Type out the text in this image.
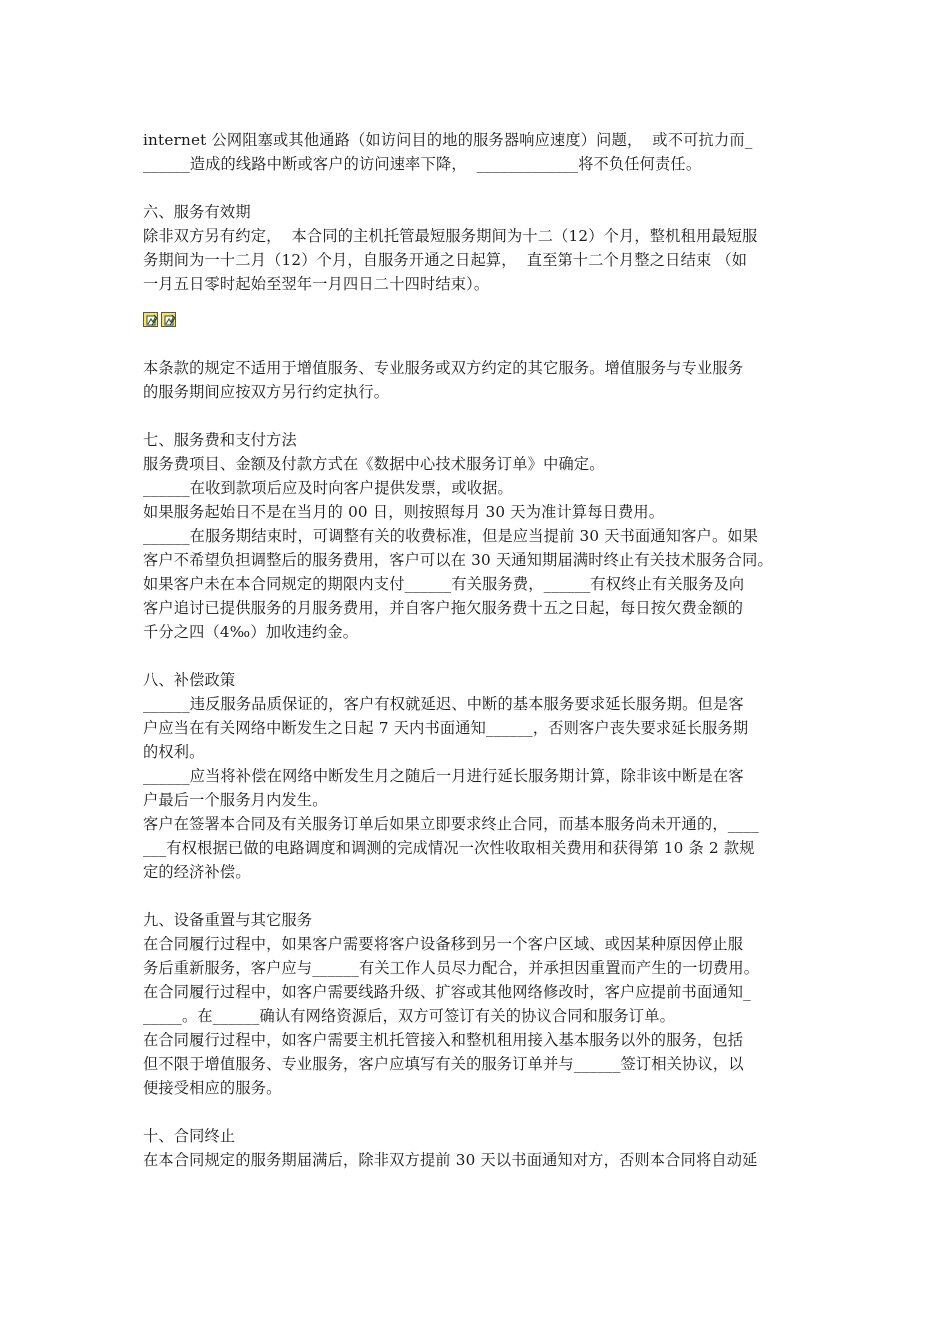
internet 公网阻塞或其他通路（如访问目的地的服务器响应速度）问题，  或不可抗力而_
______造成的线路中断或客户的访问速率下降，  _____________将不负任何责任。
六、服务有效期
除非双方另有约定，  本合同的主机托管最短服务期间为十二（12）个月，整机租用最短服
务期间为一十二月（12）个月，自服务开通之日起算，  直至第十二个月整之日结束 （如
一月五日零时起始至翌年一月四日二十四时结束）。
本条款的规定不适用于增值服务、专业服务或双方约定的其它服务。增值服务与专业服务
的服务期间应按双方另行约定执行。
七、服务费和支付方法
服务费项目、金额及付款方式在《数据中心技术服务订单》中确定。
______在收到款项后应及时向客户提供发票，或收据。
如果服务起始日不是在当月的 00 日，则按照每月 30 天为准计算每日费用。
______在服务期结束时，可调整有关的收费标准，但是应当提前 30 天书面通知客户。如果
客户不希望负担调整后的服务费用，客户可以在 30 天通知期届满时终止有关技术服务合同。
如果客户未在本合同规定的期限内支付______有关服务费，______有权终止有关服务及向
客户追讨已提供服务的月服务费用，并自客户拖欠服务费十五之日起，每日按欠费金额的
千分之四（4‰）加收违约金。
八、补偿政策
______违反服务品质保证的，客户有权就延迟、中断的基本服务要求延长服务期。但是客
户应当在有关网络中断发生之日起 7 天内书面通知______，否则客户丧失要求延长服务期
的权利。
______应当将补偿在网络中断发生月之随后一月进行延长服务期计算，除非该中断是在客
户最后一个服务月内发生。
客户在签署本合同及有关服务订单后如果立即要求终止合同，而基本服务尚未开通的，____
___有权根据已做的电路调度和调测的完成情况一次性收取相关费用和获得第 10 条 2 款规
定的经济补偿。
九、设备重置与其它服务
在合同履行过程中，如果客户需要将客户设备移到另一个客户区域、或因某种原因停止服
务后重新服务，客户应与______有关工作人员尽力配合，并承担因重置而产生的一切费用。
在合同履行过程中，如客户需要线路升级、扩容或其他网络修改时，客户应提前书面通知_
_____。在______确认有网络资源后，双方可签订有关的协议合同和服务订单。
在合同履行过程中，如客户需要主机托管接入和整机租用接入基本服务以外的服务，包括
但不限于增值服务、专业服务，客户应填写有关的服务订单并与______签订相关协议，以
便接受相应的服务。
十、合同终止
在本合同规定的服务期届满后，除非双方提前 30 天以书面通知对方，否则本合同将自动延
